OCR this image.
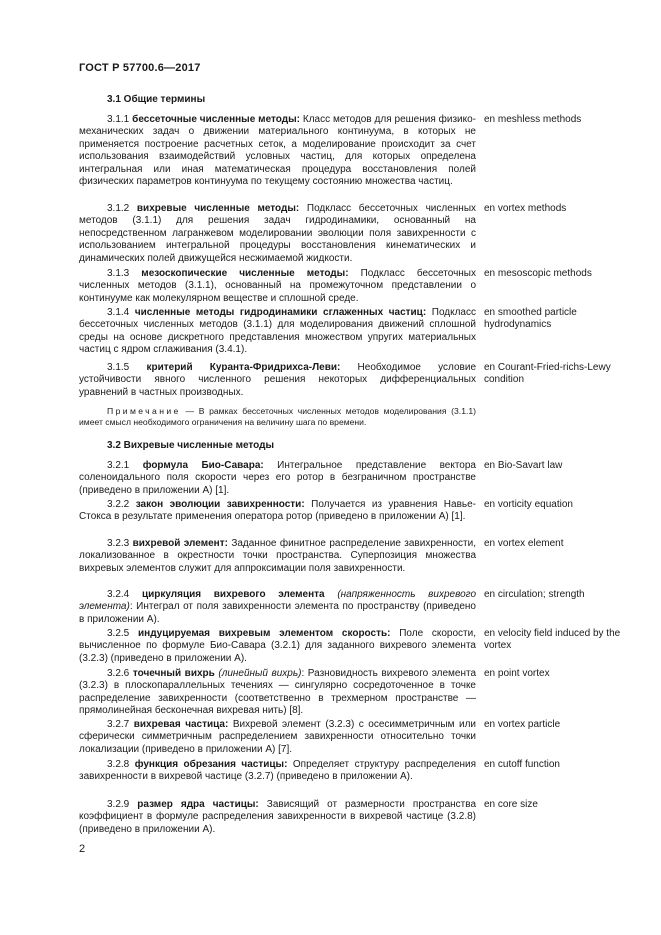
ГОСТ Р 57700.6—2017
3.1 Общие термины
3.1.1 бессеточные численные методы: Класс методов для решения физико-механических задач о движении материального континуума, в которых не применяется построение расчетных сеток, а моделирование происходит за счет использования взаимодействий условных частиц, для которых определена интегральная или иная математическая процедура восстановления полей физических параметров континуума по текущему состоянию множества частиц.
en meshless methods
3.1.2 вихревые численные методы: Подкласс бессеточных численных методов (3.1.1) для решения задач гидродинамики, основанный на непосредственном лагранжевом моделировании эволюции поля завихренности с использованием интегральной процедуры восстановления кинематических и динамических полей движущейся несжимаемой жидкости.
en vortex methods
3.1.3 мезоскопические численные методы: Подкласс бессеточных численных методов (3.1.1), основанный на промежуточном представлении о континууме как молекулярном веществе и сплошной среде.
en mesoscopic methods
3.1.4 численные методы гидродинамики сглаженных частиц: Подкласс бессеточных численных методов (3.1.1) для моделирования движений сплошной среды на основе дискретного представления множеством упругих материальных частиц с ядром сглаживания (3.4.1).
en smoothed particle hydrodynamics
3.1.5 критерий Куранта-Фридрихса-Леви: Необходимое условие устойчивости явного численного решения некоторых дифференциальных уравнений в частных производных.
en Courant-Fried-richs-Lewy condition
Примечание — В рамках бессеточных численных методов моделирования (3.1.1) имеет смысл необходимого ограничения на величину шага по времени.
3.2 Вихревые численные методы
3.2.1 формула Био-Савара: Интегральное представление вектора соленоидального поля скорости через его ротор в безграничном пространстве (приведено в приложении А) [1].
en Bio-Savart law
3.2.2 закон эволюции завихренности: Получается из уравнения Навье-Стокса в результате применения оператора ротор (приведено в приложении А) [1].
en vorticity equation
3.2.3 вихревой элемент: Заданное финитное распределение завихренности, локализованное в окрестности точки пространства. Суперпозиция множества вихревых элементов служит для аппроксимации поля завихренности.
en vortex element
3.2.4 циркуляция вихревого элемента (напряженность вихревого элемента): Интеграл от поля завихренности элемента по пространству (приведено в приложении А).
en circulation; strength
3.2.5 индуцируемая вихревым элементом скорость: Поле скорости, вычисленное по формуле Био-Савара (3.2.1) для заданного вихревого элемента (3.2.3) (приведено в приложении А).
en velocity field induced by the vortex
3.2.6 точечный вихрь (линейный вихрь): Разновидность вихревого элемента (3.2.3) в плоскопараллельных течениях — сингулярно сосредоточенное в точке распределение завихренности (соответственно в трехмерном пространстве — прямолинейная бесконечная вихревая нить) [8].
en point vortex
3.2.7 вихревая частица: Вихревой элемент (3.2.3) с осесимметричным или сферически симметричным распределением завихренности относительно точки локализации (приведено в приложении А) [7].
en vortex particle
3.2.8 функция обрезания частицы: Определяет структуру распределения завихренности в вихревой частице (3.2.7) (приведено в приложении А).
en cutoff function
3.2.9 размер ядра частицы: Зависящий от размерности пространства коэффициент в формуле распределения завихренности в вихревой частице (3.2.8) (приведено в приложении А).
en core size
2
